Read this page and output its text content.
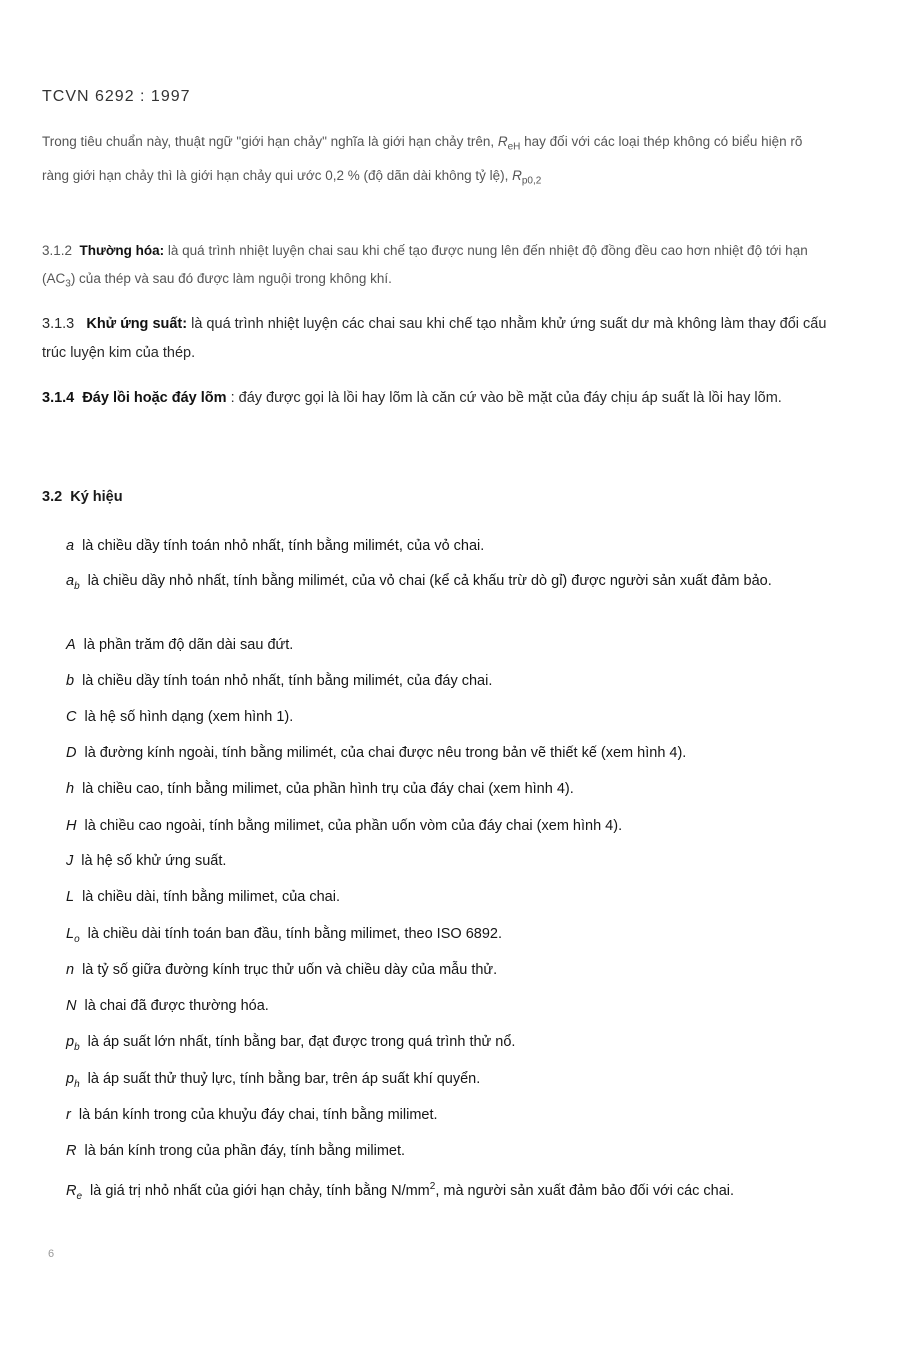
TCVN 6292 : 1997
Trong tiêu chuẩn này, thuật ngữ "giới hạn chảy" nghĩa là giới hạn chảy trên, $R_{eH}$ hay đối với các loại thép không có biểu hiện rõ ràng giới hạn chảy thì là giới hạn chảy qui ước 0,2 % (độ dãn dài không tỷ lệ), $R_{p0,2}$
3.1.2 Thường hóa: là quá trình nhiệt luyện chai sau khi chế tạo được nung lên đến nhiệt độ đồng đều cao hơn nhiệt độ tới hạn $(AC_3)$ của thép và sau đó được làm nguội trong không khí.
3.1.3 Khử ứng suất: là quá trình nhiệt luyện các chai sau khi chế tạo nhằm khử ứng suất dư mà không làm thay đổi cấu trúc luyện kim của thép.
3.1.4 Đáy lồi hoặc đáy lõm : đáy được gọi là lồi hay lõm là căn cứ vào bề mặt của đáy chịu áp suất là lồi hay lõm.
3.2 Ký hiệu
a là chiều dầy tính toán nhỏ nhất, tính bằng milimét, của vỏ chai.
$a_b$ là chiều dầy nhỏ nhất, tính bằng milimét, của vỏ chai (kể cả khấu trừ dò gỉ) được người sản xuất đảm bảo.
A là phần trăm độ dãn dài sau đứt.
b là chiều dầy tính toán nhỏ nhất, tính bằng milimét, của đáy chai.
C là hệ số hình dạng (xem hình 1).
D là đường kính ngoài, tính bằng milimét, của chai được nêu trong bản vẽ thiết kế (xem hình 4).
h là chiều cao, tính bằng milimet, của phần hình trụ của đáy chai (xem hình 4).
H là chiều cao ngoài, tính bằng milimet, của phần uốn vòm của đáy chai (xem hình 4).
J là hệ số khử ứng suất.
L là chiều dài, tính bằng milimet, của chai.
$L_o$ là chiều dài tính toán ban đầu, tính bằng milimet, theo ISO 6892.
n là tỷ số giữa đường kính trục thử uốn và chiều dày của mẫu thử.
N là chai đã được thường hóa.
$p_b$ là áp suất lớn nhất, tính bằng bar, đạt được trong quá trình thử nổ.
$p_h$ là áp suất thử thuỷ lực, tính bằng bar, trên áp suất khí quyển.
r là bán kính trong của khuỷu đáy chai, tính bằng milimet.
R là bán kính trong của phần đáy, tính bằng milimet.
$R_e$ là giá trị nhỏ nhất của giới hạn chảy, tính bằng $N/mm^2$, mà người sản xuất đảm bảo đối với các chai.
6
